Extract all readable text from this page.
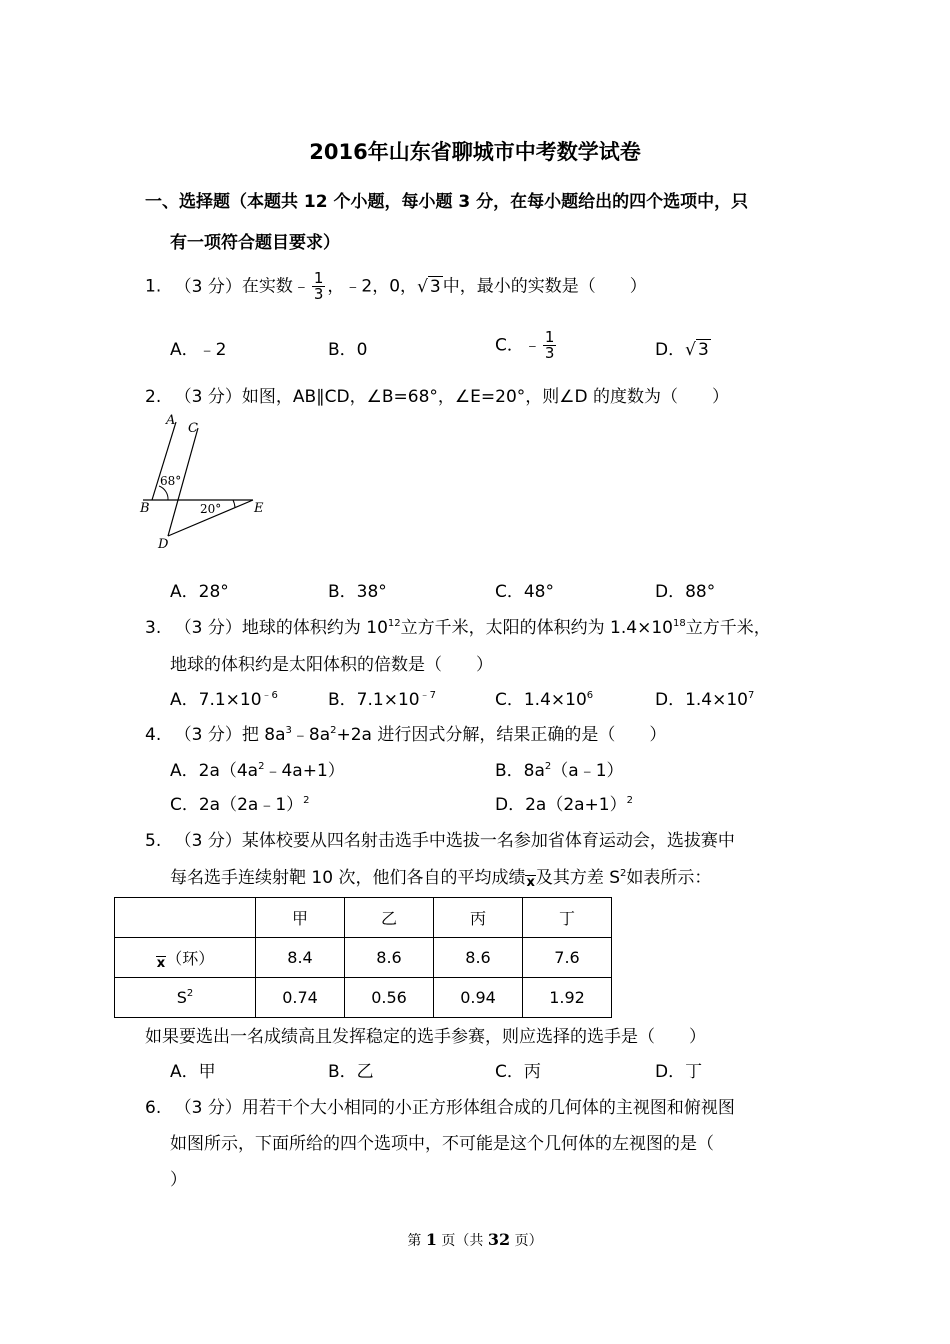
2016年山东省聊城市中考数学试卷
一、选择题（本题共 12 个小题，每小题 3 分，在每小题给出的四个选项中，只
有一项符合题目要求）
1. （3 分）在实数﹣ $\frac{1}{3}$ ，﹣2，0，√ 3 中，最小的实数是（　　）
A．﹣2	B．0	C．﹣ $\frac{1}{3}$	D．√ 3
2. （3 分）如图，AB∥CD，∠B=68°，∠E=20°，则∠D 的度数为（　　）
A
C
B	E
D
68°
20°
A．28°	B．38°	C．48°	D．88°
3. （3 分）地球的体积约为 $10^{12}$立方千米，太阳的体积约为 $1.4\times 10^{18}$立方千米，
地球的体积约是太阳体积的倍数是（　　）
A．$7.1\times 10^{﹣6}$	B．$7.1\times 10^{﹣7}$	C．$1.4\times 10^6$	D．$1.4\times 10^7$
4. （3 分）把 $8a^3﹣8a^2+2a$ 进行因式分解，结果正确的是（　　）
A．$2a(4a^2﹣4a+1)$	B．$8a^2(a﹣1)$
C．2a（2a﹣1）$^2$	D．$2a(2a+1)^2$
5. （3 分）某体校要从四名射击选手中选拔一名参加省体育运动会，选拔赛中
每名选手连续射靶 10 次，他们各自的平均成绩x及其方差 $S^2$如表所示：
	甲	乙	丙	丁
x（环）	8.4	8.6	8.6	7.6
$S^2$	0.74	0.56	0.94	1.92
如果要选出一名成绩高且发挥稳定的选手参赛，则应选择的选手是（　　）
A．甲	B．乙	C．丙	D．丁
6. （3 分）用若干个大小相同的小正方形体组合成的几何体的主视图和俯视图
如图所示，下面所给的四个选项中，不可能是这个几何体的左视图的是（
）
第 1 页（共 32 页）
